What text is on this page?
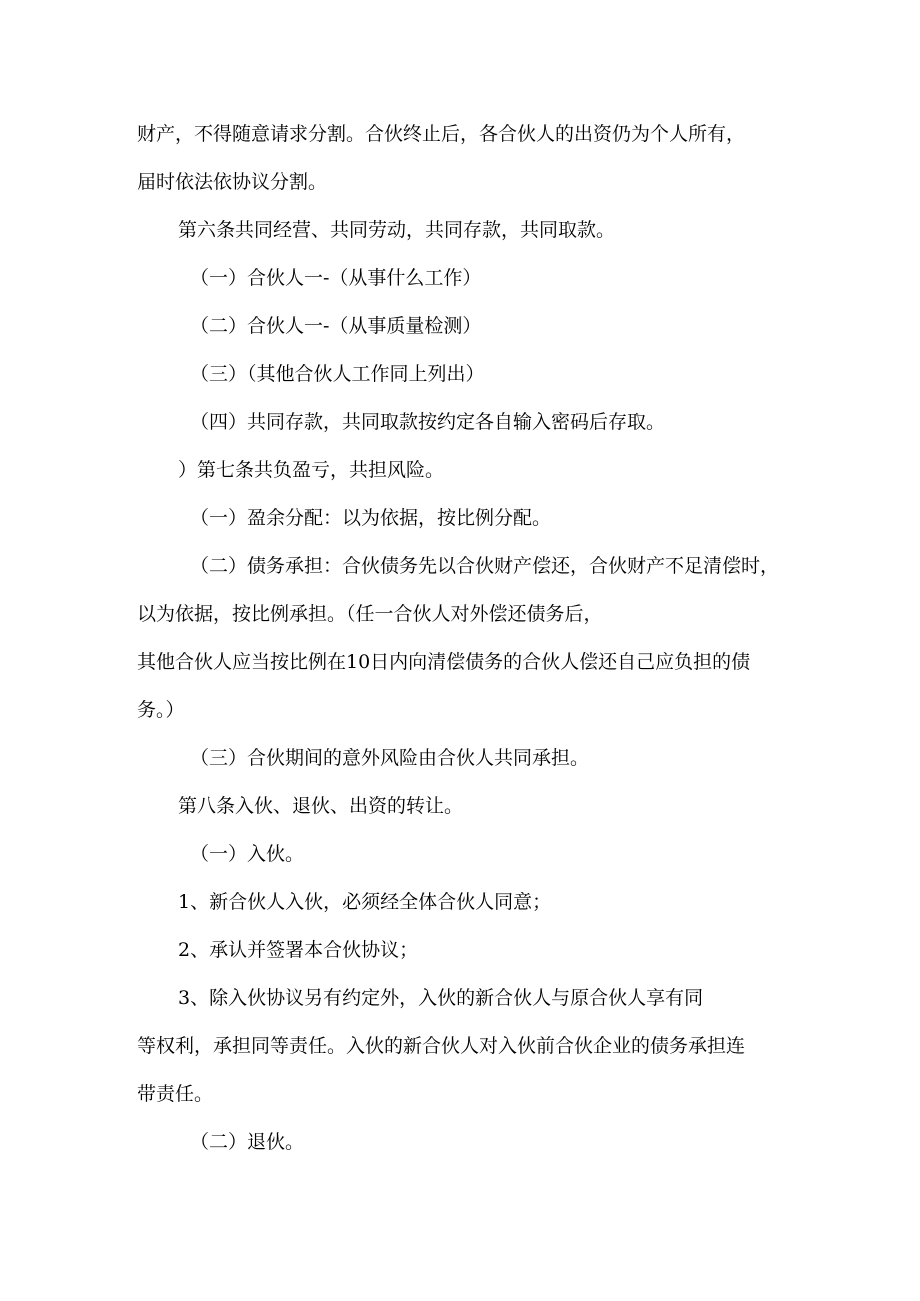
财产，不得随意请求分割。合伙终止后，各合伙人的出资仍为个人所有，
届时依法依协议分割。
第六条共同经营、共同劳动，共同存款，共同取款。
（一）合伙人一-（从事什么工作）
（二）合伙人一-（从事质量检测）
（三）（其他合伙人工作同上列出）
（四）共同存款，共同取款按约定各自输入密码后存取。
）第七条共负盈亏，共担风险。
（一）盈余分配：以为依据，按比例分配。
（二）债务承担：合伙债务先以合伙财产偿还，合伙财产不足清偿时，
以为依据，按比例承担。（任一合伙人对外偿还债务后，
其他合伙人应当按比例在10日内向清偿债务的合伙人偿还自己应负担的债
务。）
（三）合伙期间的意外风险由合伙人共同承担。
第八条入伙、退伙、出资的转让。
（一）入伙。
1、新合伙人入伙，必须经全体合伙人同意；
2、承认并签署本合伙协议；
3、除入伙协议另有约定外，入伙的新合伙人与原合伙人享有同
等权利，承担同等责任。入伙的新合伙人对入伙前合伙企业的债务承担连
带责任。
（二）退伙。
